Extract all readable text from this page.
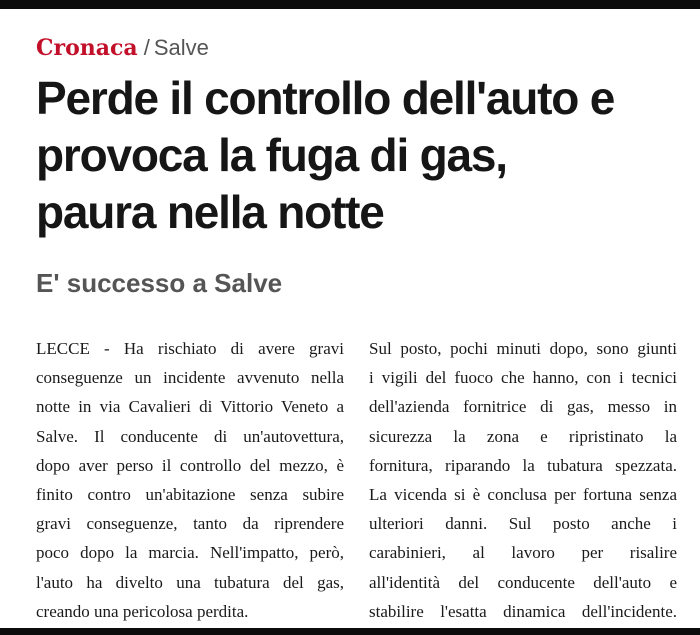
Cronaca / Salve
Perde il controllo dell'auto e
provoca la fuga di gas,
paura nella notte
E' successo a Salve
LECCE - Ha rischiato di avere gravi
conseguenze un incidente avvenuto nella
notte in via Cavalieri di Vittorio Veneto a
Salve. Il conducente di un'autovettura,
dopo aver perso il controllo del mezzo, è
finito contro un'abitazione senza subire
gravi conseguenze, tanto da riprendere
poco dopo la marcia. Nell'impatto, però,
l'auto ha divelto una tubatura del gas,
creando una pericolosa perdita.
Sul posto, pochi minuti dopo, sono giunti
i vigili del fuoco che hanno, con i tecnici
dell'azienda fornitrice di gas, messo in
sicurezza la zona e ripristinato la
fornitura, riparando la tubatura spezzata.
La vicenda si è conclusa per fortuna senza
ulteriori danni. Sul posto anche i
carabinieri, al lavoro per risalire
all'identità del conducente dell'auto e
stabilire l'esatta dinamica dell'incidente.
